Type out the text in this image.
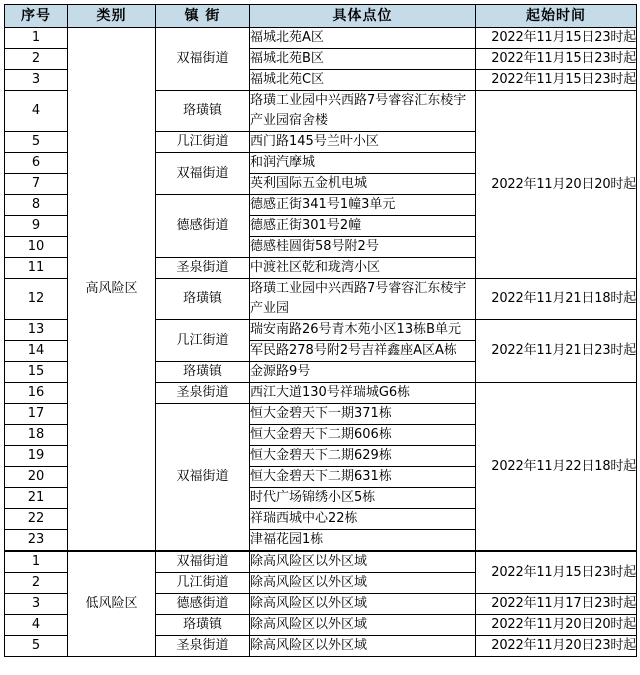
序号	类别	镇 街	具体点位	起始时间	
1	高风险区	双福街道	福城北苑A区	2022年11月15日23时起	
2			福城北苑B区	2022年11月15日23时起	
3			福城北苑C区	2022年11月15日23时起	
4		珞璜镇	珞璜工业园中兴西路7号睿容汇东棱宇产业园宿舍楼	2022年11月20日20时起	

5		几江街道	西门路145号兰叶小区		
6		双福街道	和润汽摩城		
7			英利国际五金机电城		
8		德感街道	德感正街341号1幢3单元		
9			德感正街301号2幢		
10			德感桂圆街58号附2号		
11		圣泉街道	中渡社区乾和珑湾小区	
12		珞璜镇	珞璜工业园中兴西路7号睿容汇东棱宇产业园	2022年11月21日18时起	

13		几江街道	瑞安南路26号青木苑小区13栋B单元	2022年11月21日23时起	

14			军民路278号附2号吉祥鑫座A区A栋		

15		珞璜镇	金源路9号		
16		圣泉街道	西江大道130号祥瑞城G6栋	2022年11月22日18时起	
17		双福街道	恒大金碧天下一期371栋		
18			恒大金碧天下二期606栋		
19			恒大金碧天下二期629栋		
20			恒大金碧天下二期631栋		
21			时代广场锦绣小区5栋		
22			祥瑞西城中心22栋		
23			津福花园1栋		
1	低风险区	双福街道	除高风险区以外区域	2022年11月15日23时起	
2		几江街道	除高风险区以外区域		
3		德感街道	除高风险区以外区域	2022年11月17日23时起	
4		珞璜镇	除高风险区以外区域	2022年11月20日20时起	
5		圣泉街道	除高风险区以外区域	2022年11月20日23时起	
